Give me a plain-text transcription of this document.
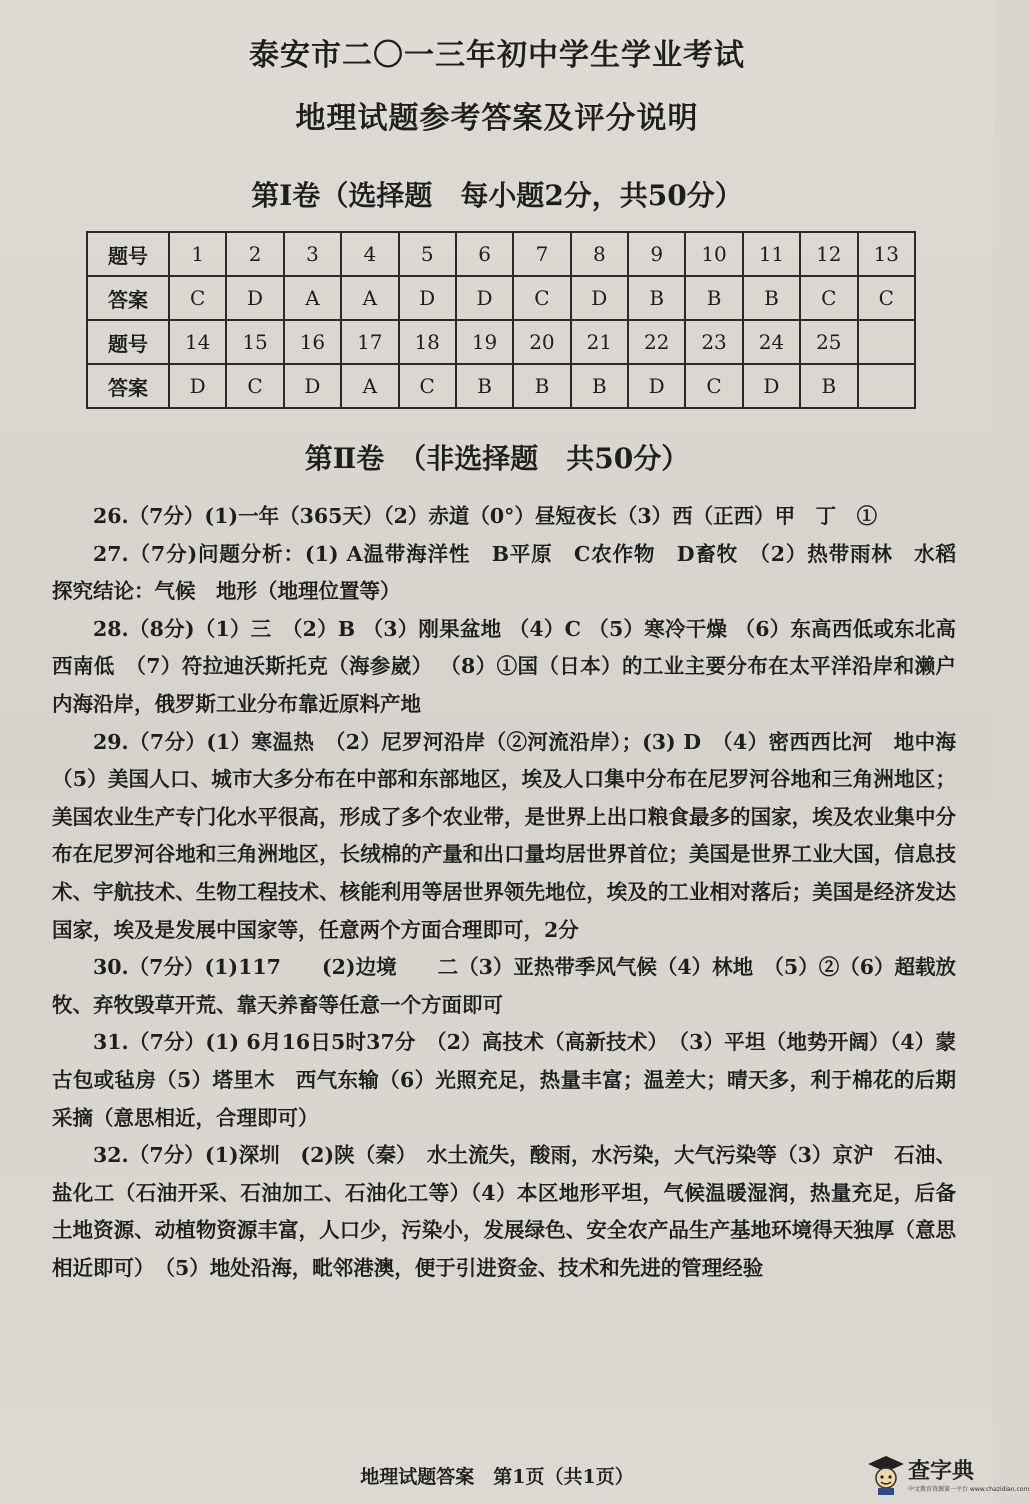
泰安市二〇一三年初中学生学业考试
地理试题参考答案及评分说明
第Ⅰ卷（选择题　每小题2分，共50分）
题号	1	2	3	4	5	6	7	8	9	10	11	12	13
答案	C	D	A	A	D	D	C	D	B	B	B	C	C
题号	14	15	16	17	18	19	20	21	22	23	24	25	
答案	D	C	D	A	C	B	B	B	D	C	D	B	
第Ⅱ卷　（非选择题　共50分）

26.（7分）(1)一年（365天）（2）赤道（0°）昼短夜长（3）西（正西）甲　丁　①

27.（7分)问题分析：(1) A温带海洋性　B平原　C农作物　D畜牧　（2）热带雨林　水稻　探究结论：气候　地形（地理位置等）

28.（8分)（1）三　（2）B （3）刚果盆地 （4）C （5）寒冷干燥 （6）东高西低或东北高西南低　（7）符拉迪沃斯托克（海参崴） （8）①国（日本）的工业主要分布在太平洋沿岸和濑户内海沿岸，俄罗斯工业分布靠近原料产地

29.（7分）(1）寒温热　（2）尼罗河沿岸（②河流沿岸）；(3) D　（4）密西西比河　地中海　（5）美国人口、城市大多分布在中部和东部地区，埃及人口集中分布在尼罗河谷地和三角洲地区；美国农业生产专门化水平很高，形成了多个农业带，是世界上出口粮食最多的国家，埃及农业集中分布在尼罗河谷地和三角洲地区，长绒棉的产量和出口量均居世界首位；美国是世界工业大国，信息技术、宇航技术、生物工程技术、核能利用等居世界领先地位，埃及的工业相对落后；美国是经济发达国家，埃及是发展中国家等，任意两个方面合理即可，2分

30.（7分）(1)117　　(2)边境　　二（3）亚热带季风气候（4）林地　（5）②（6）超载放牧、弃牧毁草开荒、靠天养畜等任意一个方面即可

31.（7分）(1) 6月16日5时37分　（2）高技术（高新技术）　（3）平坦（地势开阔）（4）蒙古包或毡房（5）塔里木　西气东输（6）光照充足，热量丰富；温差大；晴天多，利于棉花的后期采摘（意思相近，合理即可）

32.（7分）(1)深圳　(2)陕（秦）　水土流失，酸雨，水污染，大气污染等（3）京沪　石油、盐化工（石油开采、石油加工、石油化工等）（4）本区地形平坦，气候温暖湿润，热量充足，后备土地资源、动植物资源丰富，人口少，污染小，发展绿色、安全农产品生产基地环境得天独厚（意思相近即可）　（5）地处沿海，毗邻港澳，便于引进资金、技术和先进的管理经验

地理试题答案　第1页（共1页）	查字典
中文教育资源第一平台 www.chazidian.com
